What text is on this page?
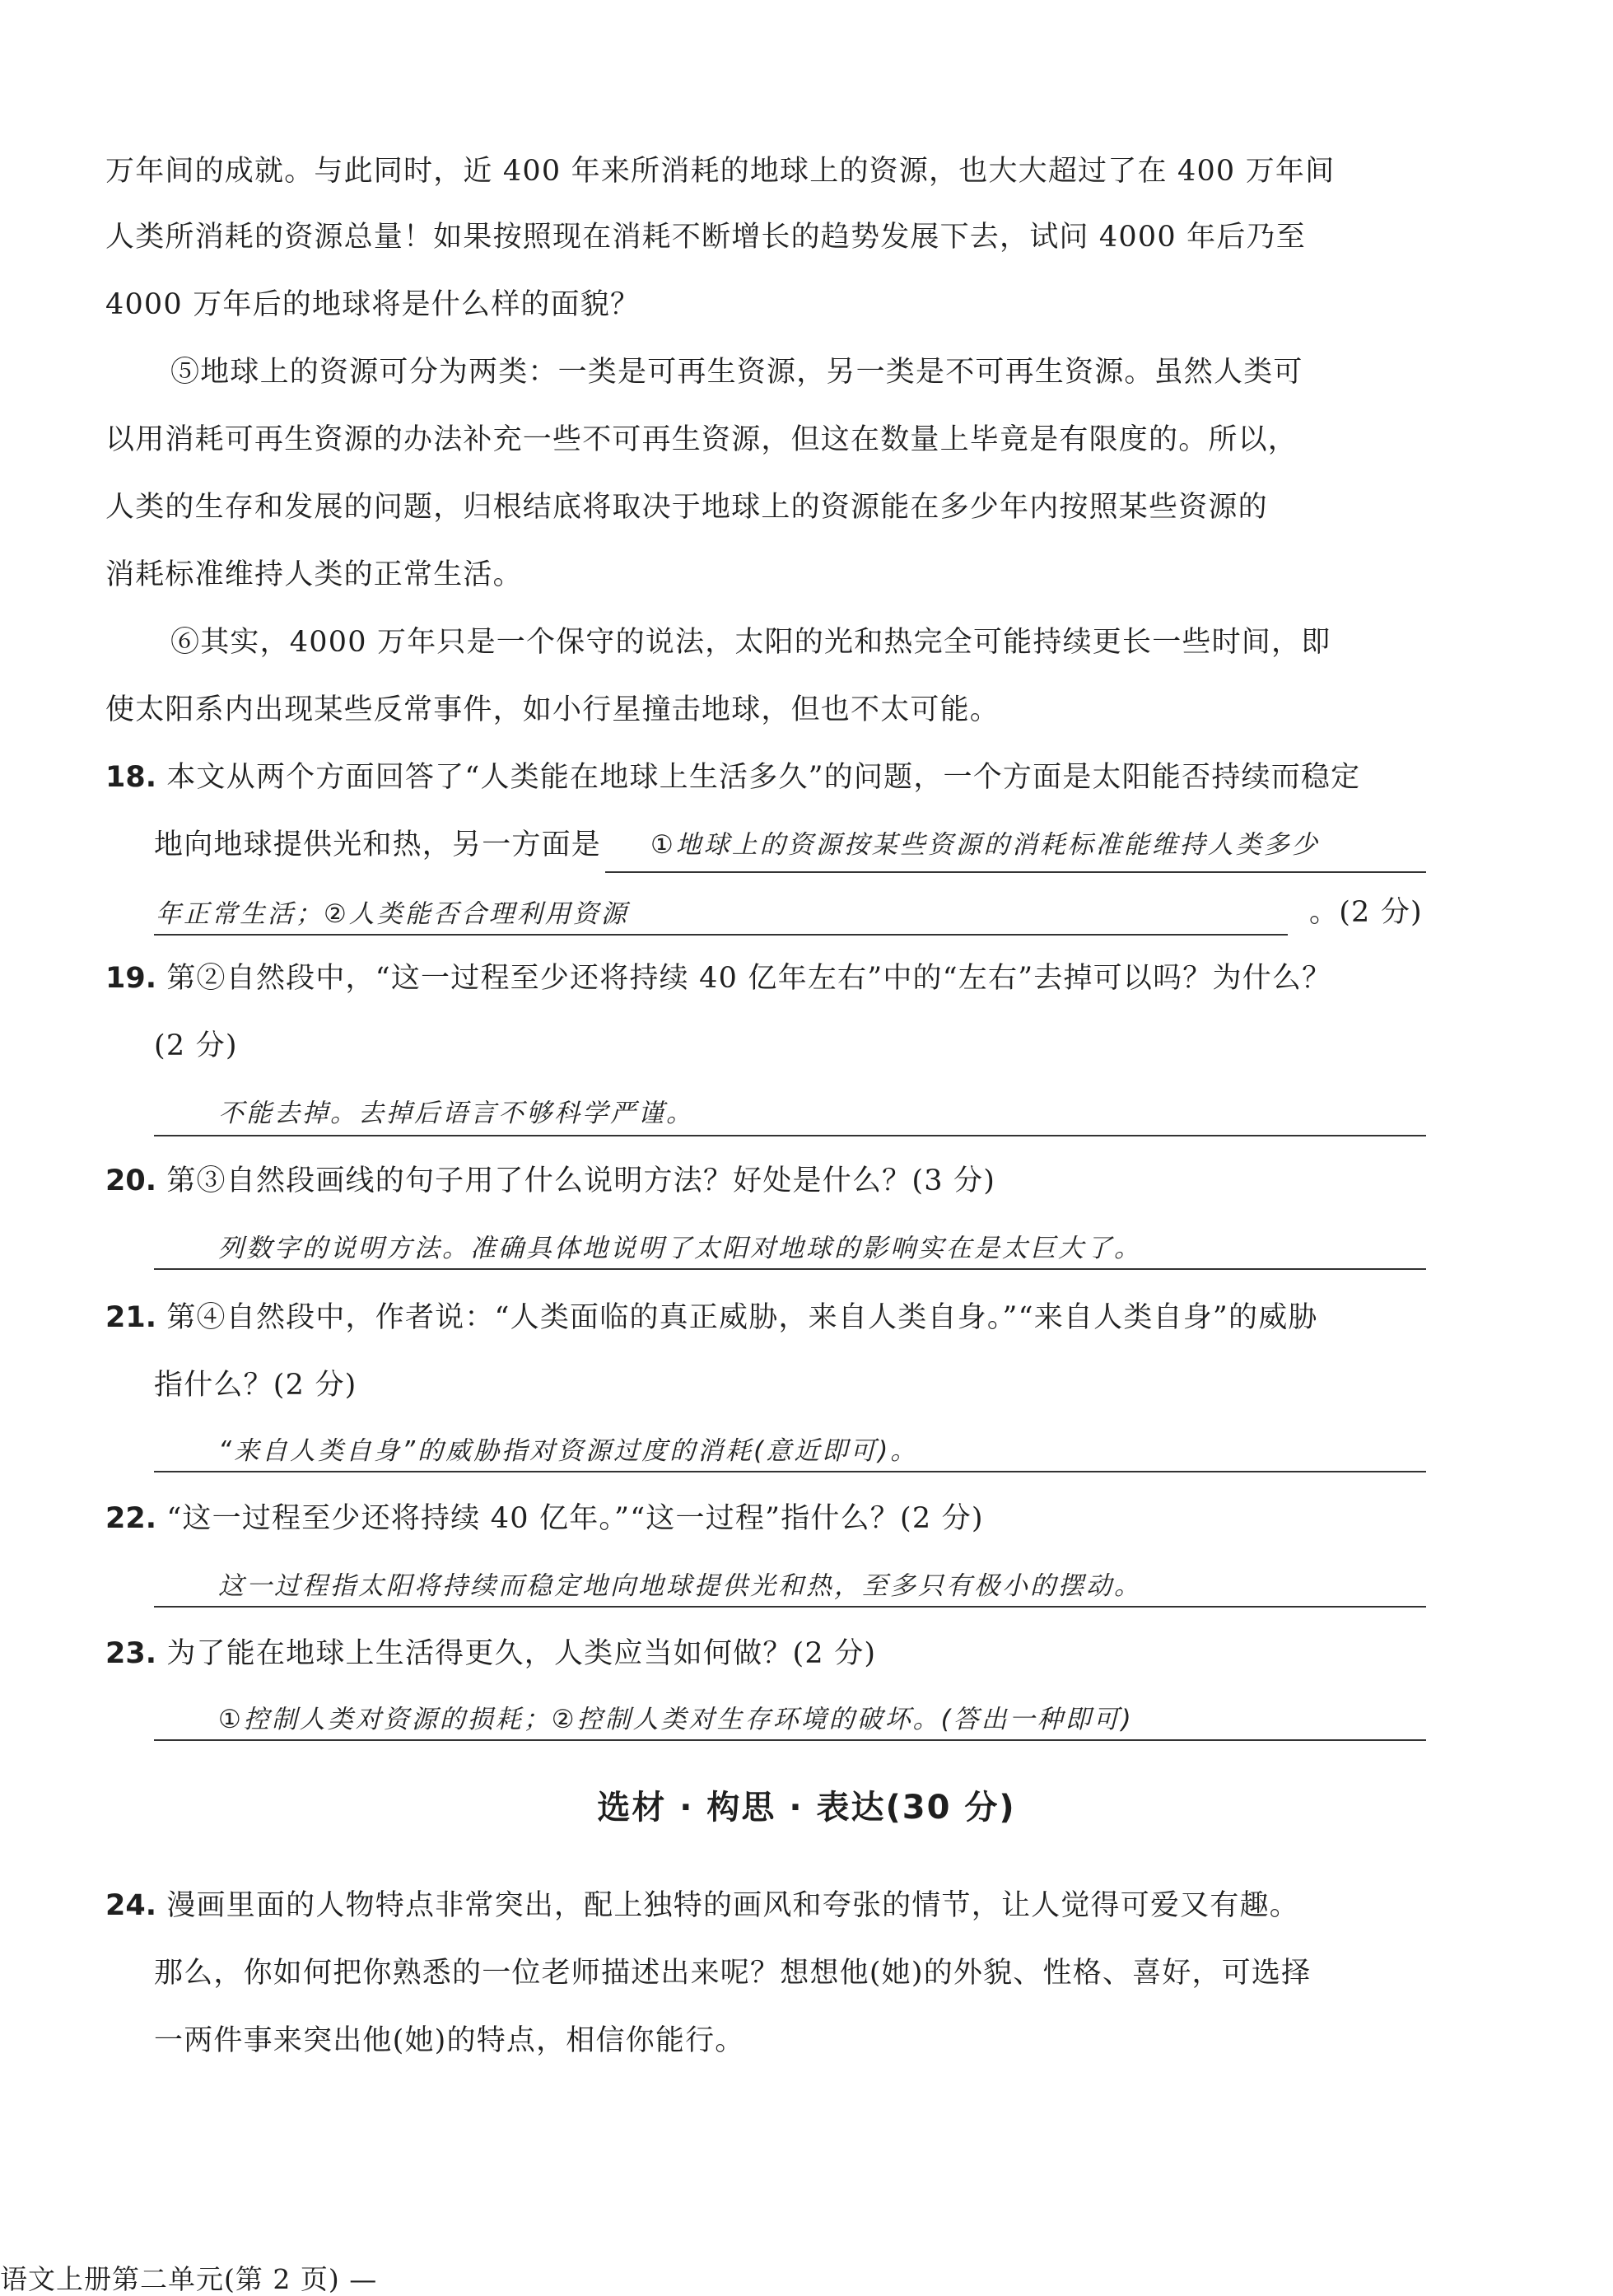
万年间的成就。与此同时，近 400 年来所消耗的地球上的资源，也大大超过了在 400 万年间
人类所消耗的资源总量！如果按照现在消耗不断增长的趋势发展下去，试问 4000 年后乃至
4000 万年后的地球将是什么样的面貌？
⑤地球上的资源可分为两类：一类是可再生资源，另一类是不可再生资源。虽然人类可
以用消耗可再生资源的办法补充一些不可再生资源，但这在数量上毕竟是有限度的。所以，
人类的生存和发展的问题，归根结底将取决于地球上的资源能在多少年内按照某些资源的
消耗标准维持人类的正常生活。
⑥其实，4000 万年只是一个保守的说法，太阳的光和热完全可能持续更长一些时间，即
使太阳系内出现某些反常事件，如小行星撞击地球，但也不太可能。
18. 本文从两个方面回答了“人类能在地球上生活多久”的问题，一个方面是太阳能否持续而稳定
地向地球提供光和热，另一方面是 ①地球上的资源按某些资源的消耗标准能维持人类多少
年正常生活；②人类能否合理利用资源	。(2 分)
19. 第②自然段中，“这一过程至少还将持续 40 亿年左右”中的“左右”去掉可以吗？为什么？
(2 分)
不能去掉。去掉后语言不够科学严谨。
20. 第③自然段画线的句子用了什么说明方法？好处是什么？(3 分)
列数字的说明方法。准确具体地说明了太阳对地球的影响实在是太巨大了。
21. 第④自然段中，作者说：“人类面临的真正威胁，来自人类自身。”“来自人类自身”的威胁
指什么？(2 分)
“来自人类自身”的威胁指对资源过度的消耗(意近即可)。
22. “这一过程至少还将持续 40 亿年。”“这一过程”指什么？(2 分)
这一过程指太阳将持续而稳定地向地球提供光和热，至多只有极小的摆动。
23. 为了能在地球上生活得更久，人类应当如何做？(2 分)
①控制人类对资源的损耗；②控制人类对生存环境的破坏。(答出一种即可)
选材 · 构思 · 表达(30 分)
24. 漫画里面的人物特点非常突出，配上独特的画风和夸张的情节，让人觉得可爱又有趣。
那么，你如何把你熟悉的一位老师描述出来呢？想想他(她)的外貌、性格、喜好，可选择
一两件事来突出他(她)的特点，相信你能行。
语文上册第二单元(第 2 页) —
